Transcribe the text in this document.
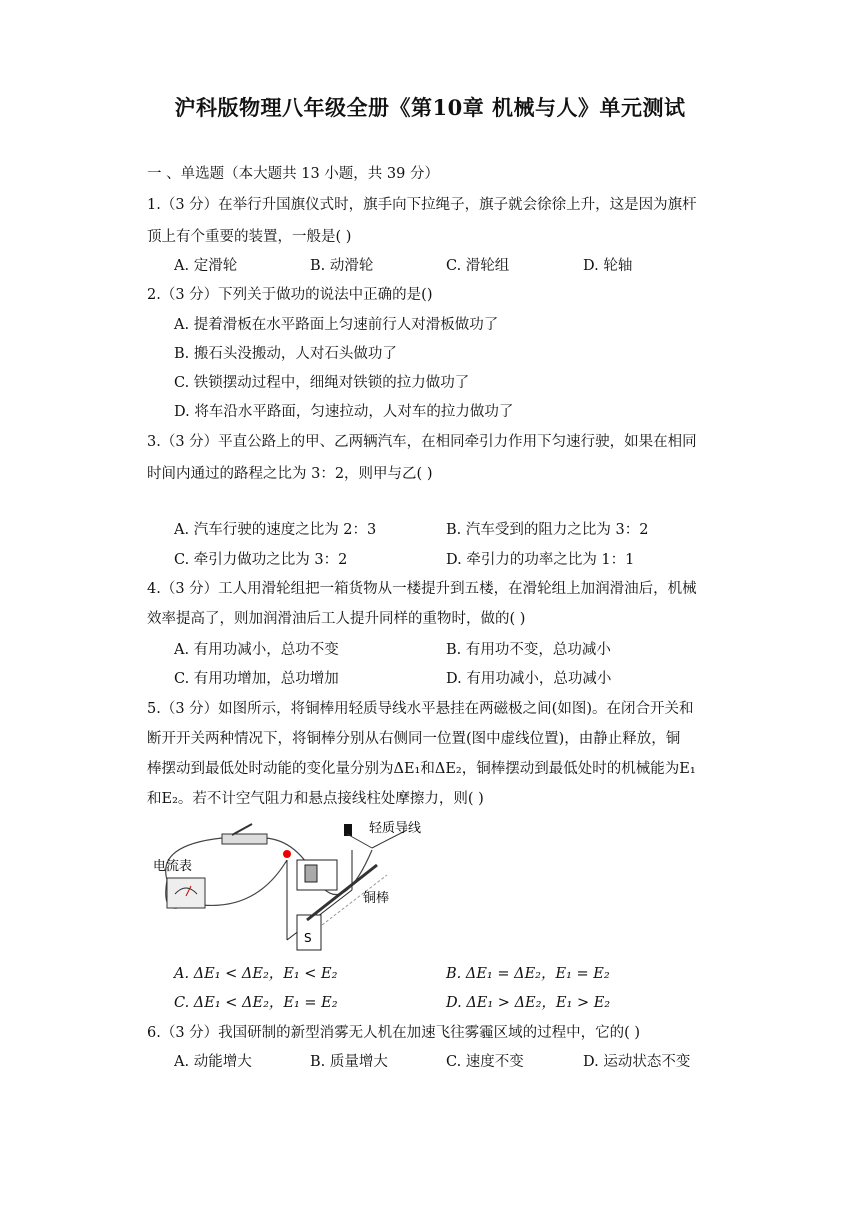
沪科版物理八年级全册《第10章 机械与人》单元测试
一 、单选题（本大题共 13 小题，共 39 分）
1.（3 分）在举行升国旗仪式时，旗手向下拉绳子，旗子就会徐徐上升，这是因为旗杆
顶上有个重要的装置，一般是( )
A. 定滑轮	B. 动滑轮	C. 滑轮组	D. 轮轴
2.（3 分）下列关于做功的说法中正确的是()
A. 提着滑板在水平路面上匀速前行人对滑板做功了
B. 搬石头没搬动，人对石头做功了
C. 铁锁摆动过程中，细绳对铁锁的拉力做功了
D. 将车沿水平路面，匀速拉动，人对车的拉力做功了
3.（3 分）平直公路上的甲、乙两辆汽车，在相同牵引力作用下匀速行驶，如果在相同
时间内通过的路程之比为 3：2，则甲与乙( )
A. 汽车行驶的速度之比为 2：3	B. 汽车受到的阻力之比为 3：2
C. 牵引力做功之比为 3：2	D. 牵引力的功率之比为 1：1
4.（3 分）工人用滑轮组把一箱货物从一楼提升到五楼，在滑轮组上加润滑油后，机械
效率提高了，则加润滑油后工人提升同样的重物时，做的( )
A. 有用功减小，总功不变	B. 有用功不变，总功减小
C. 有用功增加，总功增加	D. 有用功减小，总功减小
5.（3 分）如图所示，将铜棒用轻质导线水平悬挂在两磁极之间(如图)。在闭合开关和
断开开关两种情况下，将铜棒分别从右侧同一位置(图中虚线位置)，由静止释放，铜
棒摆动到最低处时动能的变化量分别为ΔE₁和ΔE₂，铜棒摆动到最低处时的机械能为E₁
和E₂。若不计空气阻力和悬点接线柱处摩擦力，则( )
电流表
S
轻质导线
铜棒
A. ΔE₁ < ΔE₂，E₁ < E₂	B. ΔE₁ = ΔE₂，E₁ = E₂
C. ΔE₁ < ΔE₂，E₁ = E₂	D. ΔE₁ > ΔE₂，E₁ > E₂
6.（3 分）我国研制的新型消雾无人机在加速飞往雾霾区域的过程中，它的( )
A. 动能增大	B. 质量增大	C. 速度不变	D. 运动状态不变
